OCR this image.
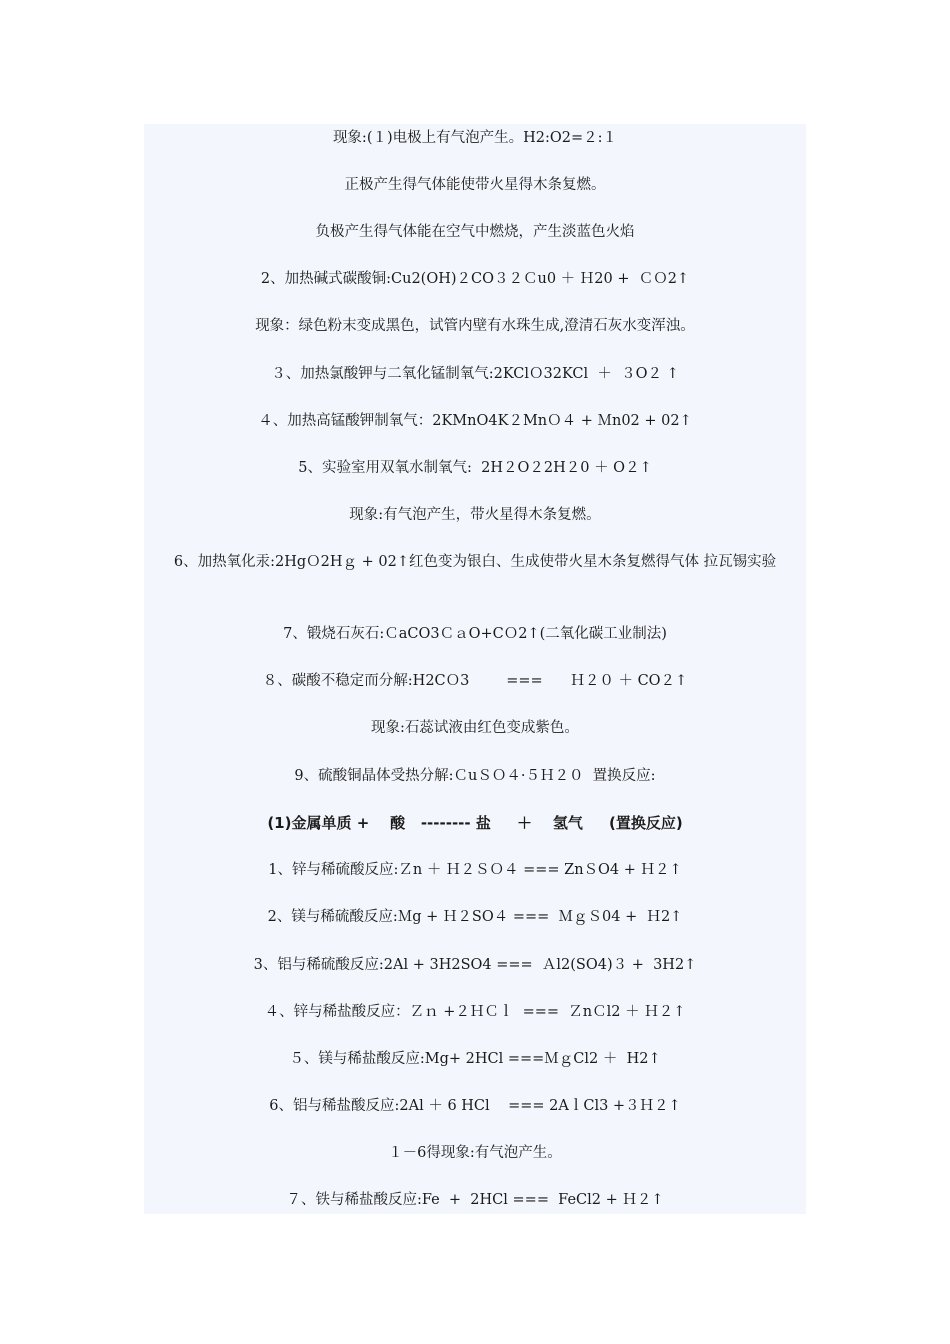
现象:(１)电极上有气泡产生。H2:O2=２:１
正极产生得气体能使带火星得木条复燃。
负极产生得气体能在空气中燃烧，产生淡蓝色火焰
2、加热碱式碳酸铜:Cu2(OH)２CO３２Ｃu0 ＋ Ｈ20 +  ＣＯ2↑
现象：绿色粉末变成黑色，试管内壁有水珠生成,澄清石灰水变浑浊。
３、加热氯酸钾与二氧化锰制氧气:2KClＯ32KCl  ＋  ３O２ ↑
４、加热高锰酸钾制氧气：2KMnO4K２MnＯ４ + Ｍn02 + 02↑
5、实验室用双氧水制氧气:  2H２O２2H２0 ＋ O２↑
现象:有气泡产生，带火星得木条复燃。
6、加热氧化汞:2HgＯ2Hｇ + 02↑红色变为银白、生成使带火星木条复燃得气体 拉瓦锡实验
7、锻烧石灰石:ＣaCO3ＣａO+CＯ2↑(二氧化碳工业制法)
８、碳酸不稳定而分解:H2CＯ3        ===      Ｈ２０ ＋ CO２↑
现象:石蕊试液由红色变成紫色。
9、硫酸铜晶体受热分解:ＣuＳＯ４·５Ｈ２０  置换反应:
(1)金属单质 +    酸   -------- 盐     ＋    氢气     (置换反应)
1、锌与稀硫酸反应:Ｚn ＋ Ｈ２ＳＯ４ === ZnＳO4 + Ｈ２↑
2、镁与稀硫酸反应:Ｍg + Ｈ２SO４ ===  ＭｇＳ04 +  Ｈ2↑
3、铝与稀硫酸反应:2Al + 3H2SO4 ===  Ａl2(SO4)３ +  3H2↑
４、锌与稀盐酸反应：Ｚｎ +２ＨＣｌ  ===  ＺnＣl2 ＋ Ｈ２↑
５、镁与稀盐酸反应:Mg+ 2HCl ===ＭｇCl2 ＋  H2↑
6、铝与稀盐酸反应:2Al ＋ 6 HCl    === 2AｌCl3 +３Ｈ２↑
１－6得现象:有气泡产生。
７、铁与稀盐酸反应:Fe  +  2HCl ===  FeCl2 + Ｈ２↑
